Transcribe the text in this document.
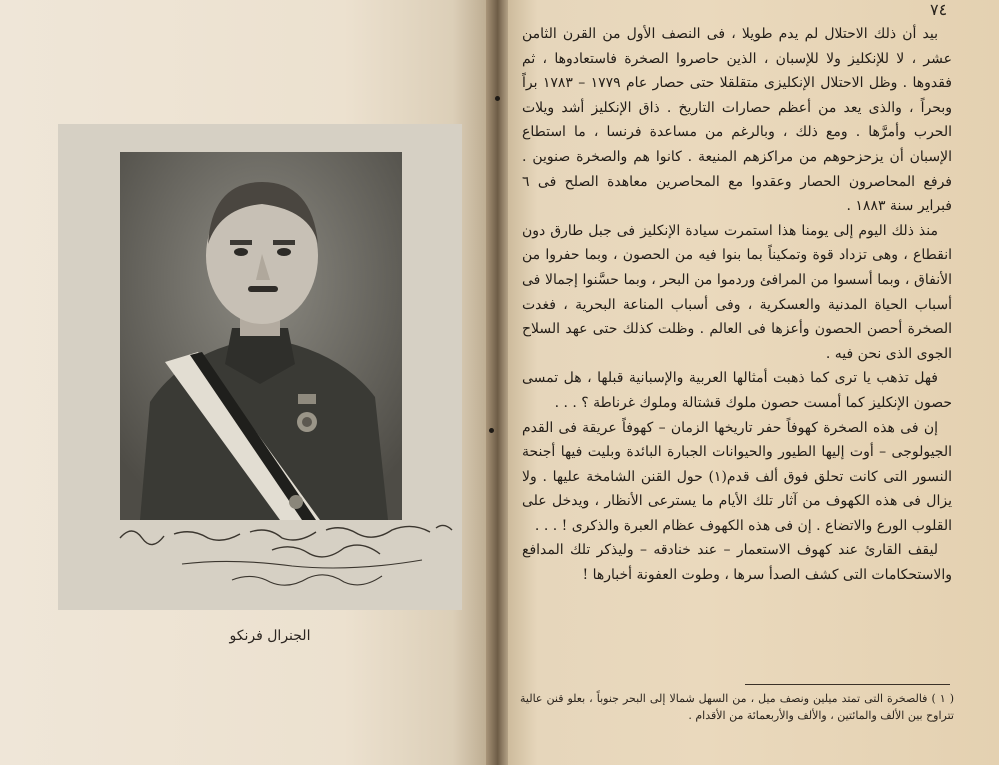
الجنرال فرنكو
٧٤

بيد أن ذلك الاحتلال لم يدم طويلا ، فى النصف الأول من القرن الثامن عشر ، لا للإنكليز ولا للإسبان ، الذين حاصروا الصخرة فاستعادوها ، ثم فقدوها . وظل الاحتلال الإنكليزى متقلقلا حتى حصار عام ١٧٧٩ – ١٧٨٣ براً وبحراً ، والذى يعد من أعظم حصارات التاريخ . ذاق الإنكليز أشد ويلات الحرب وأمرَّها . ومع ذلك ، وبالرغم من مساعدة فرنسا ، ما استطاع الإسبان أن يزحزحوهم من مراكزهم المنيعة . كانوا هم والصخرة صنوين . فرفع المحاصرون الحصار وعقدوا مع المحاصرين معاهدة الصلح فى ٦ فبراير سنة ١٨٨٣ .

منذ ذلك اليوم إلى يومنا هذا استمرت سيادة الإنكليز فى جبل طارق دون انقطاع ، وهى تزداد قوة وتمكيناً بما بنوا فيه من الحصون ، وبما حفروا من الأنفاق ، وبما أسسوا من المرافئ وردموا من البحر ، وبما حسَّنوا إجمالا فى أسباب الحياة المدنية والعسكرية ، وفى أسباب المناعة البحرية ، فغدت الصخرة أحصن الحصون وأعزها فى العالم . وظلت كذلك حتى عهد السلاح الجوى الذى نحن فيه .

فهل تذهب يا ترى كما ذهبت أمثالها العربية والإسبانية قبلها ، هل تمسى حصون الإنكليز كما أمست حصون ملوك قشتالة وملوك غرناطة ؟ . . .

إن فى هذه الصخرة كهوفاً حفر تاريخها الزمان – كهوفاً عريقة فى القدم الجيولوجى – أوت إليها الطيور والحيوانات الجبارة البائدة وبليت فيها أجنحة النسور التى كانت تحلق فوق ألف قدم(١) حول القنن الشامخة عليها . ولا يزال فى هذه الكهوف من آثار تلك الأيام ما يسترعى الأنظار ، ويدخل على القلوب الورع والاتضاع . إن فى هذه الكهوف عظام العبرة والذكرى ! . . .

ليقف القارئ عند كهوف الاستعمار – عند خنادقه – وليذكر تلك المدافع والاستحكامات التى كشف الصدأ سرها ، وطوت العفونة أخبارها !

( ١ ) فالصخرة التى تمتد ميلين ونصف ميل ، من السهل شمالا إلى البحر جنوباً ، بعلو قنن عالية تتراوح بين الألف والمائتين ، والألف والأربعمائة من الأقدام .
